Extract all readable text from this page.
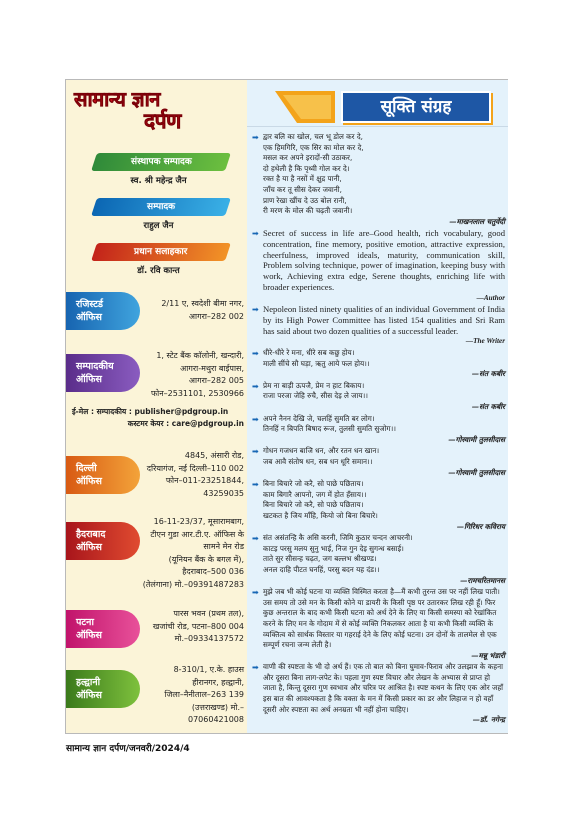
सामान्य ज्ञान
दर्पण
संस्थापक सम्पादक
स्व. श्री महेन्द्र जैन
सम्पादक
राहुल जैन
प्रधान सलाहकार
डॉ. रवि कान्त
रजिस्टर्ड
ऑफिस
2/11 ए, स्वदेशी बीमा नगर,
आगरा–282 002
सम्पादकीय
ऑफिस
1, स्टेट बैंक कॉलोनी, खन्दारी,
आगरा-मथुरा बाईपास,
आगरा–282 005
फोन–2531101, 2530966
ई-मेल : सम्पादकीय : publisher@pdgroup.in
कस्टमर केयर : care@pdgroup.in
दिल्ली
ऑफिस
4845, अंसारी रोड,
दरियागंज, नई दिल्ली–110 002
फोन–011-23251844,
43259035
हैदराबाद
ऑफिस
16-11-23/37, मूसारामबाग,
टीएन गुडा आर.टी.ए. ऑफिस के
सामने मेन रोड
(यूनियन बैंक के बगल में),
हैदराबाद–500 036
(तेलंगाना) मो.–09391487283
पटना
ऑफिस
पारस भवन (प्रथम तल),
खजांची रोड, पटना–800 004
मो.–09334137572
हल्द्वानी
ऑफिस
8-310/1, ए.के. हाउस
हीरानगर, हल्द्वानी,
जिला–नैनीताल–263 139
(उत्तराखण्ड) मो.–07060421008
सूक्ति संग्रह
➡ द्वार बलि का खोल, चल भू डोल कर दे,
एक हिमगिरि, एक सिर का मोल कर दे,
मसल कर अपने इरादों-सी उठाकर,
दो हथेली है कि पृथ्वी गोल कर दे।
रक्त है या है नसों में क्षुद्र पानी,
जाँच कर तू सीस देकर जवानी,
प्राण रेखा खींच दे उठ बोल रानी,
री मरण के मोल की चढ़ती जवानी।
—माखनलाल चतुर्वेदी
➡ Secret of success in life are–Good health, rich vocabulary, good concentration, fine memory, positive emotion, attractive expression, cheerfulness, improved ideals, maturity, communication skill, Problem solving technique, power of imagination, keeping busy with work, Achieving extra edge, Serene thoughts, enriching life with broader experiences.
—Author
➡ Nepoleon listed ninety qualities of an individual Government of India by its High Power Committee has listed 154 qualities and Sri Ram has said about two dozen qualities of a successful leader.
—The Writer
➡ धीरे-धीरे रे मना, धीरे सब कछु होय।
माली सींचे सौ घड़ा, ऋतु आये फल होय।।
—संत कबीर
➡ प्रेम ना बाड़ी ऊपजै, प्रेम न हाट बिकाय।
राजा परजा जेहि रुचै, सीस देइ ले जाय।।
—संत कबीर
➡ अपने नैनन देखि जे, चलहिं सुमति बर लोग।
तिनहिं न बिपति बिषाद रूज, तुलसी सुमति सुजोग।।
—गोस्वामी तुलसीदास
➡ गोधन गजधन बाजि धन, और रतन धन खान।
जब आवै संतोष धन, सब धन धूरि समान।।
—गोस्वामी तुलसीदास
➡ बिना बिचारे जो करै, सो पाछे पछिताय।
काम बिगारै आपनो, जग में होत हँसाय।।
बिना बिचारे जो करै, सो पाछे पछिताय।
खटकत है जिय माँहि, कियो जो बिना बिचारे।
—गिरिधर कविराय
➡ संत असंतन्हि कै असि करनी, जिमि कुठार चन्दन आचरनी।
काटइ परसु मलय सुनु भाई, निज गुन देइ सुगन्ध बसाई।
ताते सुर सीसन्ह चढ़त, जग बल्लभ श्रीखण्ड।
अनल दाहि पीटत घनहिं, परसु बदन यह दंड।।
—रामचरितमानस
➡ मुझे जब भी कोई घटना या व्यक्ति विस्मित करता है—मैं कभी तुरन्त उस पर नहीं लिख पाती। उस समय तो उसे मन के किसी कोने या डायरी के किसी पृष्ठ पर उतारकर लिख रही हूँ। फिर कुछ अन्तराल के बाद कभी किसी घटना को अर्थ देने के लिए या किसी समस्या को रेखांकित करने के लिए मन के गोदाम में से कोई व्यक्ति निकलकर आता है या कभी किसी व्यक्ति के व्यक्तित्व को सार्थक विस्तार या गहराई देने के लिए कोई घटना। उन दोनों के तालमेल से एक सम्पूर्ण रचना जन्म लेती है।
—मन्नू भंडारी
➡ वाणी की स्पष्टता के भी दो अर्थ हैं। एक तो बात को बिना घुमाव-फिराव और उलझाव के कहना और दूसरा बिना लाग-लपेट के। पहला गुण स्पष्ट विचार और लेखन के अभ्यास से प्राप्त हो जाता है, किन्तु दूसरा गुण स्वभाव और चरित्र पर आश्रित है। स्पष्ट कथन के लिए एक ओर जहाँ इस बात की आवश्यकता है कि वक्ता के मन में किसी प्रकार का डर और लिहाज न हो वहाँ दूसरी ओर स्पष्टता का अर्थ अनम्रता भी नहीं होना चाहिए।
—डॉ. नगेन्द्र
सामान्य ज्ञान दर्पण/जनवरी/2024/4
